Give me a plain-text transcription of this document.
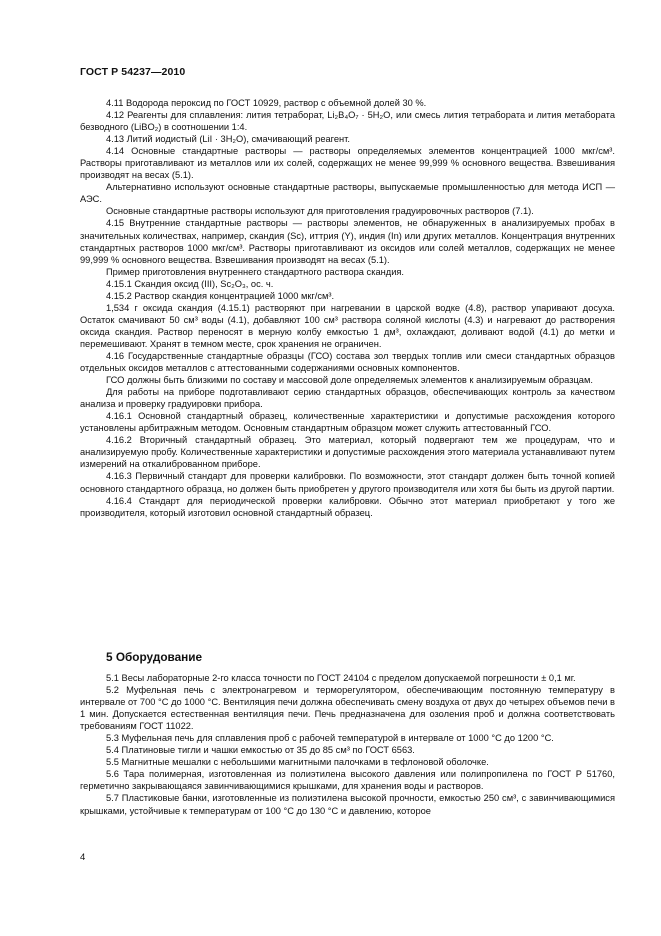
ГОСТ Р 54237—2010

4.11 Водорода пероксид по ГОСТ 10929, раствор с объемной долей 30 %.

4.12 Реагенты для сплавления: лития тетраборат, Li₂B₄O₇ · 5H₂O, или смесь лития тетрабората и лития метабората безводного (LiBO₂) в соотношении 1:4.

4.13 Литий иодистый (LiI · 3H₂O), смачивающий реагент.

4.14 Основные стандартные растворы — растворы определяемых элементов концентрацией 1000 мкг/см³. Растворы приготавливают из металлов или их солей, содержащих не менее 99,999 % основного вещества. Взвешивания производят на весах (5.1).

Альтернативно используют основные стандартные растворы, выпускаемые промышленностью для метода ИСП — АЭС.

Основные стандартные растворы используют для приготовления градуировочных растворов (7.1).

4.15 Внутренние стандартные растворы — растворы элементов, не обнаруженных в анализируемых пробах в значительных количествах, например, скандия (Sc), иттрия (Y), индия (In) или других металлов. Концентрация внутренних стандартных растворов 1000 мкг/см³. Растворы приготавливают из оксидов или солей металлов, содержащих не менее 99,999 % основного вещества. Взвешивания производят на весах (5.1).

Пример приготовления внутреннего стандартного раствора скандия.

4.15.1 Скандия оксид (III), Sc₂O₃, ос. ч.

4.15.2 Раствор скандия концентрацией 1000 мкг/см³.

1,534 г оксида скандия (4.15.1) растворяют при нагревании в царской водке (4.8), раствор упаривают досуха. Остаток смачивают 50 см³ воды (4.1), добавляют 100 см³ раствора соляной кислоты (4.3) и нагревают до растворения оксида скандия. Раствор переносят в мерную колбу емкостью 1 дм³, охлаждают, доливают водой (4.1) до метки и перемешивают. Хранят в темном месте, срок хранения не ограничен.

4.16 Государственные стандартные образцы (ГСО) состава зол твердых топлив или смеси стандартных образцов отдельных оксидов металлов с аттестованными содержаниями основных компонентов.

ГСО должны быть близкими по составу и массовой доле определяемых элементов к анализируемым образцам.

Для работы на приборе подготавливают серию стандартных образцов, обеспечивающих контроль за качеством анализа и проверку градуировки прибора.

4.16.1 Основной стандартный образец, количественные характеристики и допустимые расхождения которого установлены арбитражным методом. Основным стандартным образцом может служить аттестованный ГСО.

4.16.2 Вторичный стандартный образец. Это материал, который подвергают тем же процедурам, что и анализируемую пробу. Количественные характеристики и допустимые расхождения этого материала устанавливают путем измерений на откалиброванном приборе.

4.16.3 Первичный стандарт для проверки калибровки. По возможности, этот стандарт должен быть точной копией основного стандартного образца, но должен быть приобретен у другого производителя или хотя бы быть из другой партии.

4.16.4 Стандарт для периодической проверки калибровки. Обычно этот материал приобретают у того же производителя, который изготовил основной стандартный образец.

5 Оборудование

5.1 Весы лабораторные 2-го класса точности по ГОСТ 24104 с пределом допускаемой погрешности ± 0,1 мг.

5.2 Муфельная печь с электронагревом и терморегулятором, обеспечивающим постоянную температуру в интервале от 700 °С до 1000 °С. Вентиляция печи должна обеспечивать смену воздуха от двух до четырех объемов печи в 1 мин. Допускается естественная вентиляция печи. Печь предназначена для озоления проб и должна соответствовать требованиям ГОСТ 11022.

5.3 Муфельная печь для сплавления проб с рабочей температурой в интервале от 1000 °С до 1200 °С.

5.4 Платиновые тигли и чашки емкостью от 35 до 85 см³ по ГОСТ 6563.

5.5 Магнитные мешалки с небольшими магнитными палочками в тефлоновой оболочке.

5.6 Тара полимерная, изготовленная из полиэтилена высокого давления или полипропилена по ГОСТ Р 51760, герметично закрывающаяся завинчивающимися крышками, для хранения воды и растворов.

5.7 Пластиковые банки, изготовленные из полиэтилена высокой прочности, емкостью 250 см³, с завинчивающимися крышками, устойчивые к температурам от 100 °С до 130 °С и давлению, которое

4
